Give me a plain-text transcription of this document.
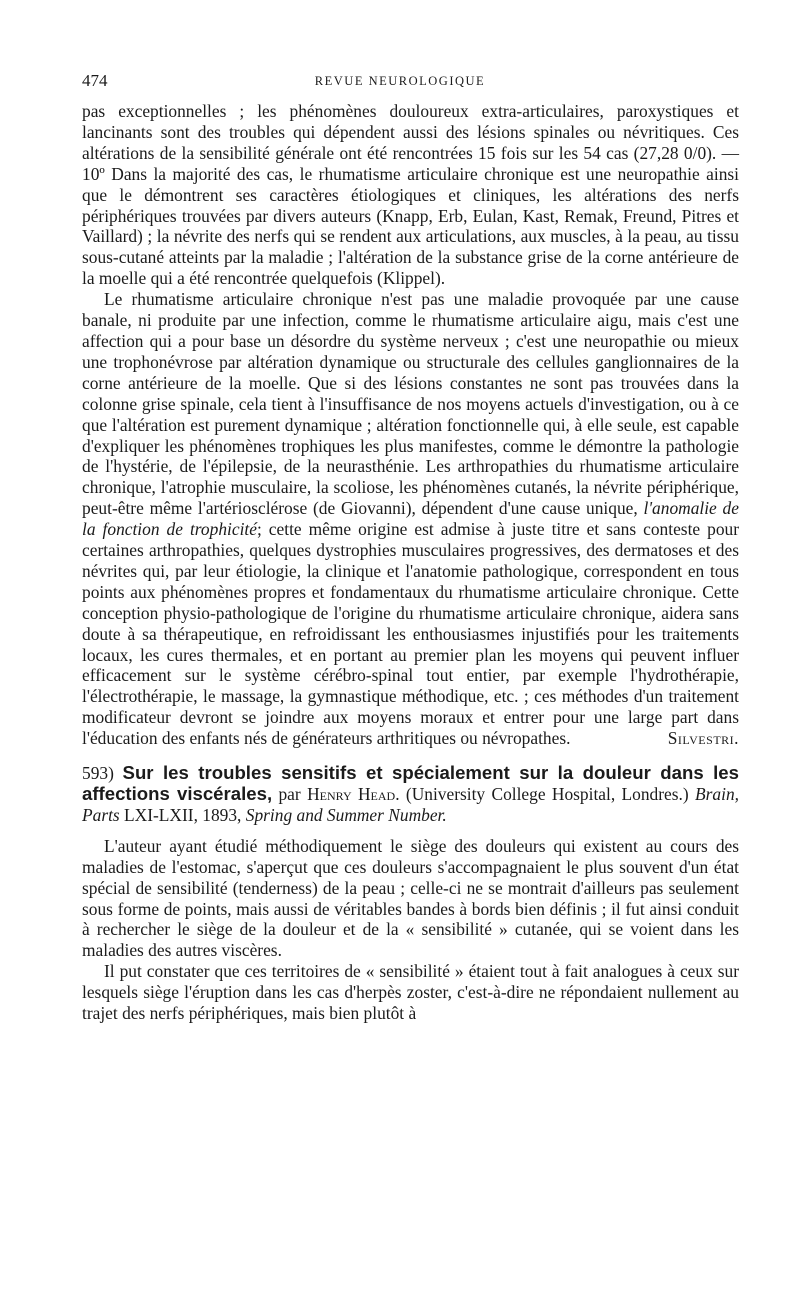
474	REVUE NEUROLOGIQUE

pas exceptionnelles ; les phénomènes douloureux extra-articulaires, paroxystiques et lancinants sont des troubles qui dépendent aussi des lésions spinales ou névritiques. Ces altérations de la sensibilité générale ont été rencontrées 15 fois sur les 54 cas (27,28 0/0). — 10º Dans la majorité des cas, le rhumatisme articulaire chronique est une neuropathie ainsi que le démontrent ses caractères étiologiques et cliniques, les altérations des nerfs périphériques trouvées par divers auteurs (Knapp, Erb, Eulan, Kast, Remak, Freund, Pitres et Vaillard) ; la névrite des nerfs qui se rendent aux articulations, aux muscles, à la peau, au tissu sous-cutané atteints par la maladie ; l'altération de la substance grise de la corne antérieure de la moelle qui a été rencontrée quelquefois (Klippel).

Le rhumatisme articulaire chronique n'est pas une maladie provoquée par une cause banale, ni produite par une infection, comme le rhumatisme articulaire aigu, mais c'est une affection qui a pour base un désordre du système nerveux ; c'est une neuropathie ou mieux une trophonévrose par altération dynamique ou structurale des cellules ganglionnaires de la corne antérieure de la moelle. Que si des lésions constantes ne sont pas trouvées dans la colonne grise spinale, cela tient à l'insuffisance de nos moyens actuels d'investigation, ou à ce que l'altération est purement dynamique ; altération fonctionnelle qui, à elle seule, est capable d'expliquer les phénomènes trophiques les plus manifestes, comme le démontre la pathologie de l'hystérie, de l'épilepsie, de la neurasthénie. Les arthropathies du rhumatisme articulaire chronique, l'atrophie musculaire, la scoliose, les phénomènes cutanés, la névrite périphérique, peut-être même l'artériosclérose (de Giovanni), dépendent d'une cause unique, l'anomalie de la fonction de trophicité; cette même origine est admise à juste titre et sans conteste pour certaines arthropathies, quelques dystrophies musculaires progressives, des dermatoses et des névrites qui, par leur étiologie, la clinique et l'anatomie pathologique, correspondent en tous points aux phénomènes propres et fondamentaux du rhumatisme articulaire chronique. Cette conception physio-pathologique de l'origine du rhumatisme articulaire chronique, aidera sans doute à sa thérapeutique, en refroidissant les enthousiasmes injustifiés pour les traitements locaux, les cures thermales, et en portant au premier plan les moyens qui peuvent influer efficacement sur le système cérébro-spinal tout entier, par exemple l'hydrothérapie, l'électrothérapie, le massage, la gymnastique méthodique, etc. ; ces méthodes d'un traitement modificateur devront se joindre aux moyens moraux et entrer pour une large part dans l'éducation des enfants nés de générateurs arthritiques ou névropathes.	Silvestri.

593) Sur les troubles sensitifs et spécialement sur la douleur dans les affections viscérales, par Henry Head. (University College Hospital, Londres.) Brain, Parts LXI-LXII, 1893, Spring and Summer Number.

L'auteur ayant étudié méthodiquement le siège des douleurs qui existent au cours des maladies de l'estomac, s'aperçut que ces douleurs s'accompagnaient le plus souvent d'un état spécial de sensibilité (tenderness) de la peau ; celle-ci ne se montrait d'ailleurs pas seulement sous forme de points, mais aussi de véritables bandes à bords bien définis ; il fut ainsi conduit à rechercher le siège de la douleur et de la « sensibilité » cutanée, qui se voient dans les maladies des autres viscères.

Il put constater que ces territoires de « sensibilité » étaient tout à fait analogues à ceux sur lesquels siège l'éruption dans les cas d'herpès zoster, c'est-à-dire ne répondaient nullement au trajet des nerfs périphériques, mais bien plutôt à
